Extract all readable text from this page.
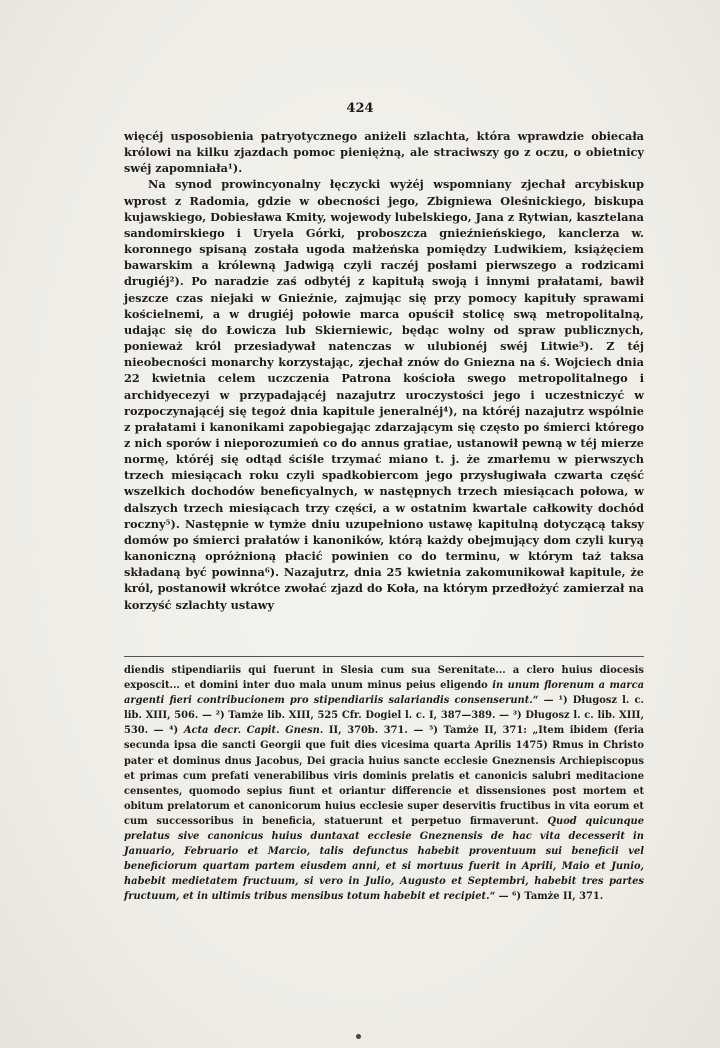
424

więcéj usposobienia patryotycznego aniżeli szlachta, która wprawdzie obiecała królowi na kilku zjazdach pomoc pieniężną, ale straciwszy go z oczu, o obietnicy swéj zapomniała¹).

Na synod prowincyonalny łęczycki wyżéj wspomniany zjechał arcybiskup wprost z Radomia, gdzie w obecności jego, Zbigniewa Oleśnickiego, biskupa kujawskiego, Dobiesława Kmity, wojewody lubelskiego, Jana z Rytwian, kasztelana sandomirskiego i Uryela Górki, proboszcza gnieźnieńskiego, kanclerza w. koronnego spisaną została ugoda małżeńska pomiędzy Ludwikiem, książęciem bawarskim a królewną Jadwigą czyli raczéj posłami pierwszego a rodzicami drugiéj²). Po naradzie zaś odbytéj z kapitułą swoją i innymi prałatami, bawił jeszcze czas niejaki w Gnieźnie, zajmując się przy pomocy kapituły sprawami kościelnemi, a w drugiéj połowie marca opuścił stolicę swą metropolitalną, udając się do Łowicza lub Skierniewic, będąc wolny od spraw publicznych, ponieważ król przesiadywał natenczas w ulubionéj swéj Litwie³). Z téj nieobecności monarchy korzystając, zjechał znów do Gniezna na ś. Wojciech dnia 22 kwietnia celem uczczenia Patrona kościoła swego metropolitalnego i archidyecezyi w przypadającéj nazajutrz uroczystości jego i uczestniczyć w rozpoczynającéj się tegoż dnia kapitule jeneralnéj⁴), na któréj nazajutrz wspólnie z prałatami i kanonikami zapobiegając zdarzającym się często po śmierci którego z nich sporów i nieporozumień co do annus gratiae, ustanowił pewną w téj mierze normę, któréj się odtąd ściśle trzymać miano t. j. że zmarłemu w pierwszych trzech miesiącach roku czyli spadkobiercom jego przysługiwała czwarta część wszelkich dochodów beneficyalnych, w następnych trzech miesiącach połowa, w dalszych trzech miesiącach trzy części, a w ostatnim kwartale całkowity dochód roczny⁵). Następnie w tymże dniu uzupełniono ustawę kapitulną dotyczącą taksy domów po śmierci prałatów i kanoników, którą każdy obejmujący dom czyli kuryą kanoniczną opróżnioną płacić powinien co do terminu, w którym taż taksa składaną być powinna⁶). Nazajutrz, dnia 25 kwietnia zakomunikował kapitule, że król, postanowił wkrótce zwołać zjazd do Koła, na którym przedłożyć zamierzał na korzyść szlachty ustawy

diendis stipendiariis qui fuerunt in Slesia cum sua Serenitate... a clero huius diocesis exposcit... et domini inter duo mala unum minus peius eligendo in unum florenum a marca argenti fieri contribucionem pro stipendiariis salariandis consenserunt.“ — ¹) Długosz l. c. lib. XIII, 506. — ²) Tamże lib. XIII, 525 Cfr. Dogiel l. c. I, 387—389. — ³) Długosz l. c. lib. XIII, 530. — ⁴) Acta decr. Capit. Gnesn. II, 370b. 371. — ⁵) Tamże II, 371: „Item ibidem (feria secunda ipsa die sancti Georgii que fuit dies vicesima quarta Aprilis 1475) Rmus in Christo pater et dominus dnus Jacobus, Dei gracia huius sancte ecclesie Gneznensis Archiepiscopus et primas cum prefati venerabilibus viris dominis prelatis et canonicis salubri meditacione censentes, quomodo sepius fiunt et oriantur differencie et dissensiones post mortem et obitum prelatorum et canonicorum huius ecclesie super deservitis fructibus in vita eorum et cum successoribus in beneficia, statuerunt et perpetuo firmaverunt. Quod quicunque prelatus sive canonicus huius duntaxat ecclesie Gneznensis de hac vita decesserit in Januario, Februario et Marcio, talis defunctus habebit proventuum sui beneficii vel beneficiorum quartam partem eiusdem anni, et si mortuus fuerit in Aprili, Maio et Junio, habebit medietatem fructuum, si vero in Julio, Augusto et Septembri, habebit tres partes fructuum, et in ultimis tribus mensibus totum habebit et recipiet.“ — ⁶) Tamże II, 371.
